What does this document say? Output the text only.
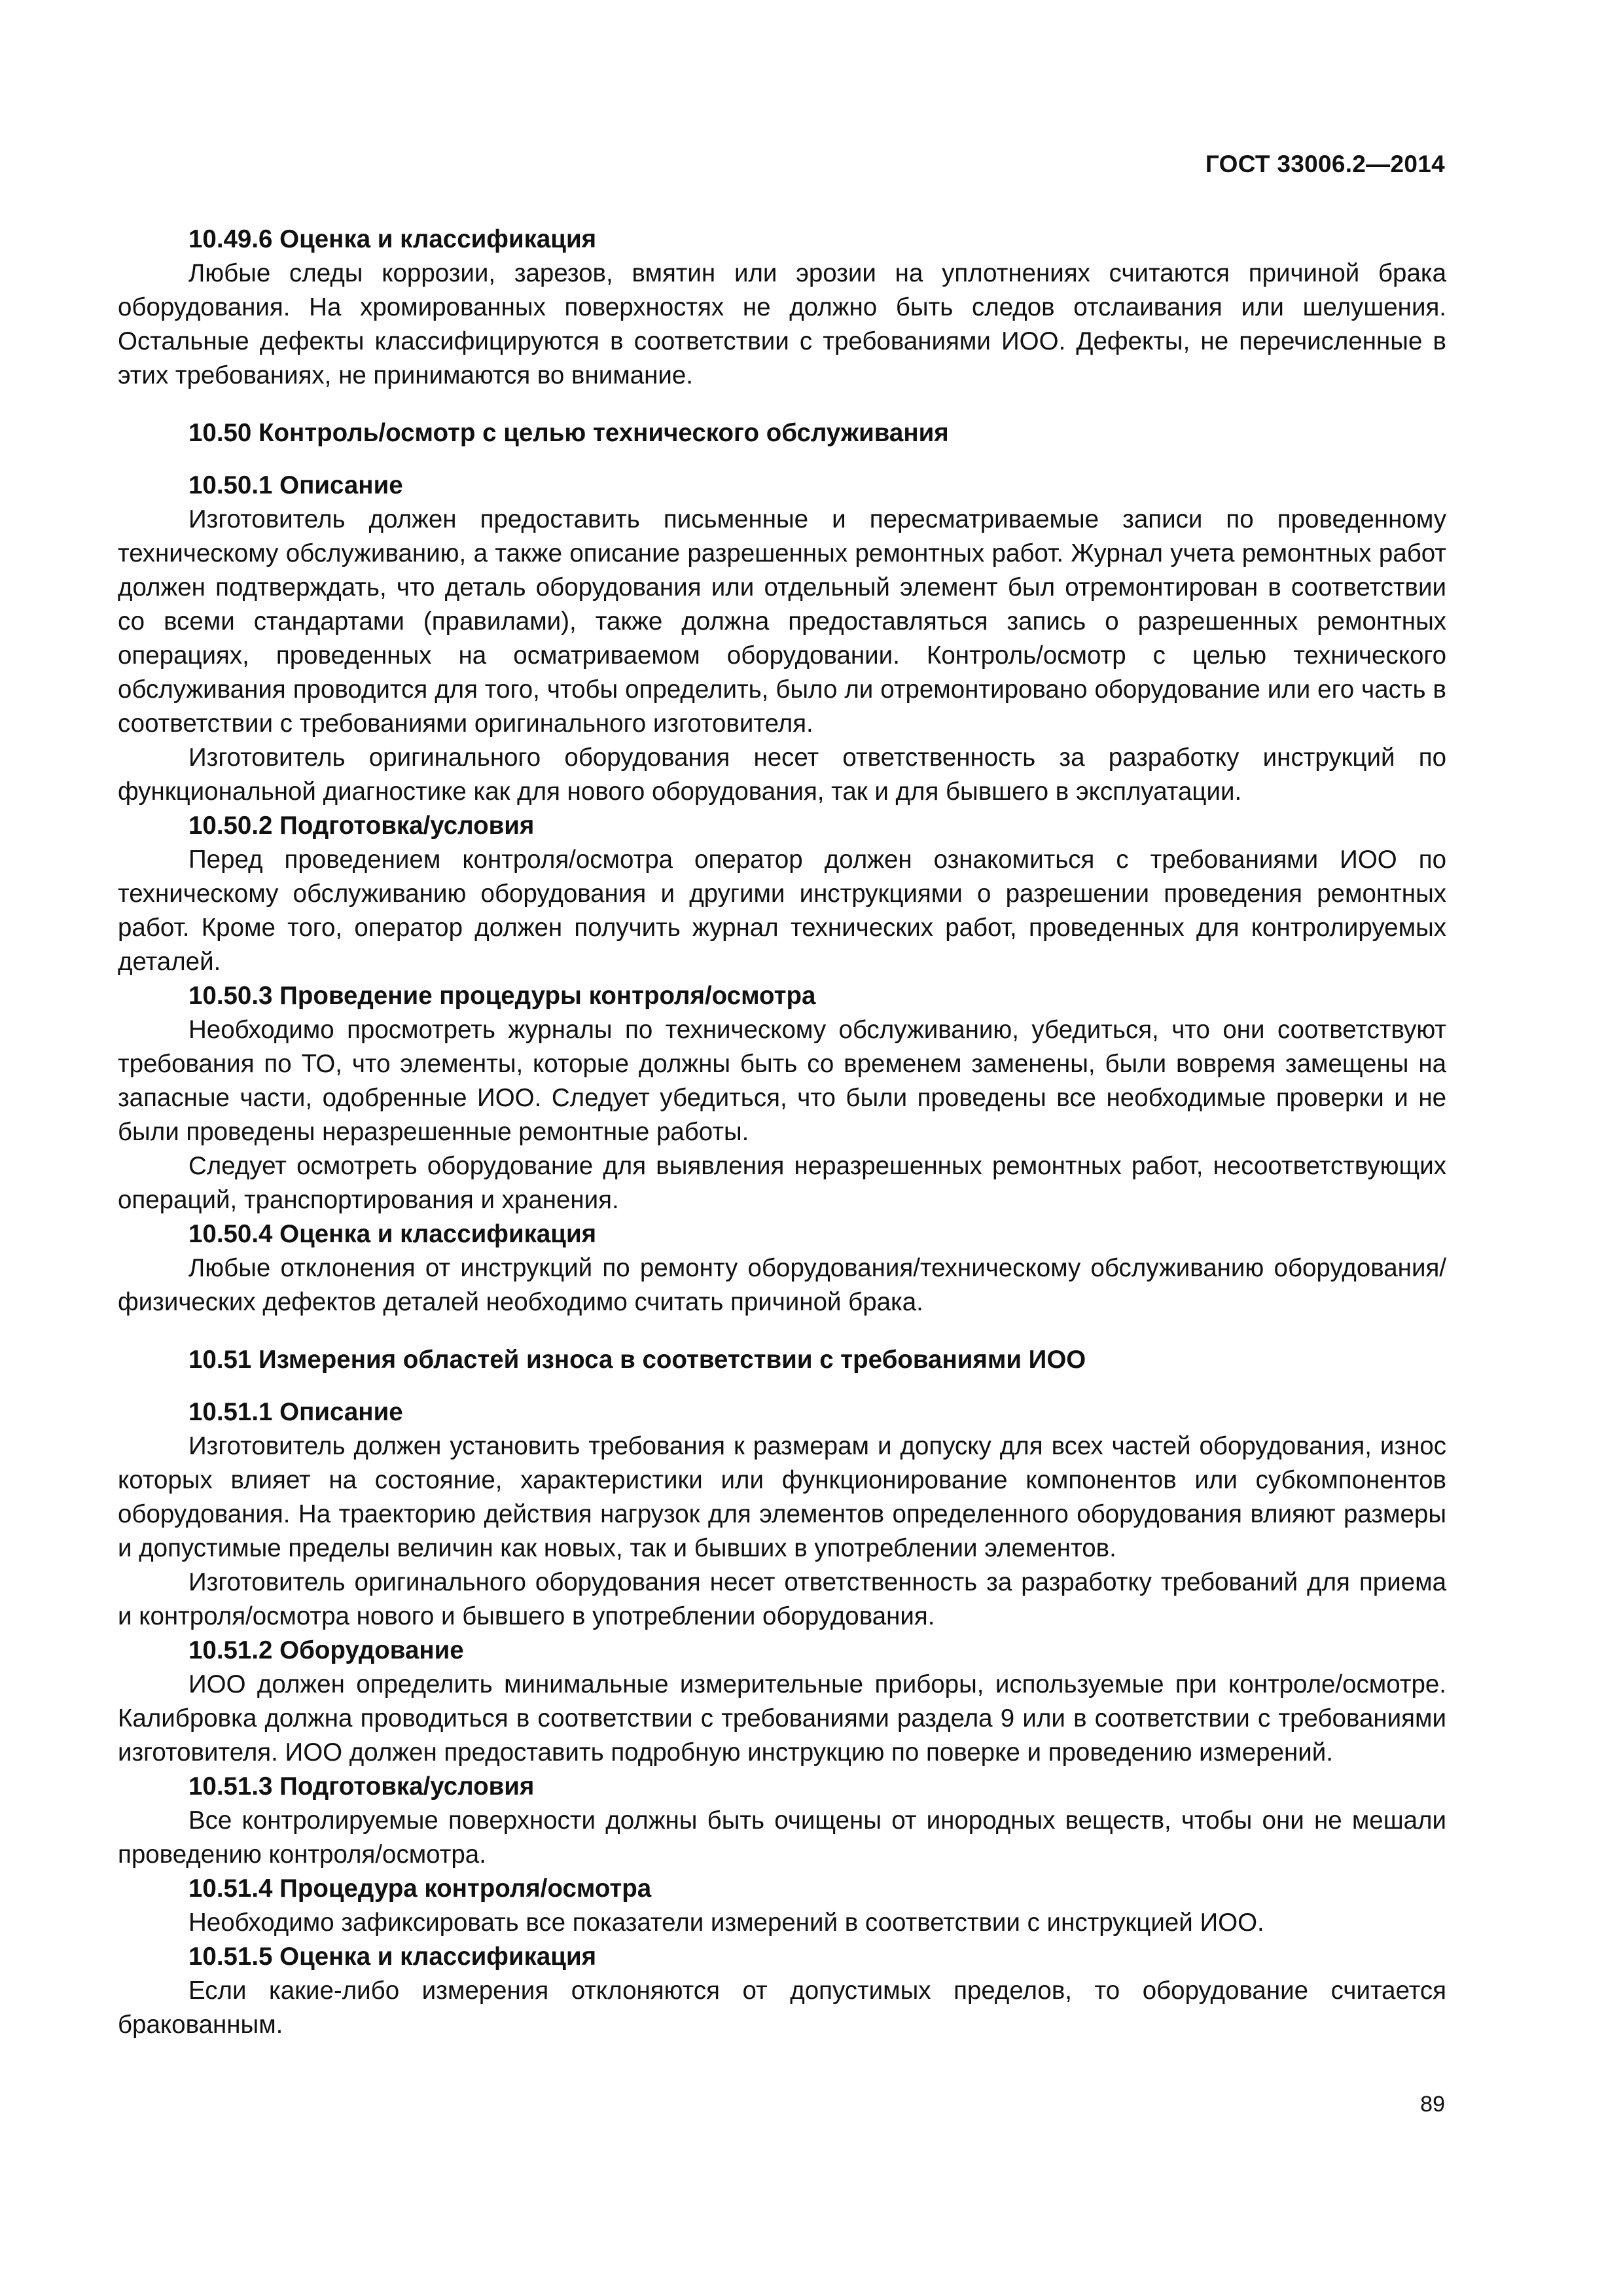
ГОСТ 33006.2—2014
10.49.6 Оценка и классификация

Любые следы коррозии, зарезов, вмятин или эрозии на уплотнениях считаются причиной брака оборудования. На хромированных поверхностях не должно быть следов отслаивания или шелушения. Остальные дефекты классифицируются в соответствии с требованиями ИОО. Дефекты, не перечисленные в этих требованиях, не принимаются во внимание.

10.50 Контроль/осмотр с целью технического обслуживания
10.50.1 Описание

Изготовитель должен предоставить письменные и пересматриваемые записи по проведенному техническому обслуживанию, а также описание разрешенных ремонтных работ. Журнал учета ремонтных работ должен подтверждать, что деталь оборудования или отдельный элемент был отремонтирован в соответствии со всеми стандартами (правилами), также должна предоставляться запись о разрешенных ремонтных операциях, проведенных на осматриваемом оборудовании. Контроль/осмотр с целью технического обслуживания проводится для того, чтобы определить, было ли отремонтировано оборудование или его часть в соответствии с требованиями оригинального изготовителя.

Изготовитель оригинального оборудования несет ответственность за разработку инструкций по функциональной диагностике как для нового оборудования, так и для бывшего в эксплуатации.

10.50.2 Подготовка/условия

Перед проведением контроля/осмотра оператор должен ознакомиться с требованиями ИОО по техническому обслуживанию оборудования и другими инструкциями о разрешении проведения ремонтных работ. Кроме того, оператор должен получить журнал технических работ, проведенных для контролируемых деталей.

10.50.3 Проведение процедуры контроля/осмотра

Необходимо просмотреть журналы по техническому обслуживанию, убедиться, что они соответствуют требования по ТО, что элементы, которые должны быть со временем заменены, были вовремя замещены на запасные части, одобренные ИОО. Следует убедиться, что были проведены все необходимые проверки и не были проведены неразрешенные ремонтные работы.

Следует осмотреть оборудование для выявления неразрешенных ремонтных работ, несоответствующих операций, транспортирования и хранения.

10.50.4 Оценка и классификация

Любые отклонения от инструкций по ремонту оборудования/техническому обслуживанию оборудования/физических дефектов деталей необходимо считать причиной брака.

10.51 Измерения областей износа в соответствии с требованиями ИОО
10.51.1 Описание

Изготовитель должен установить требования к размерам и допуску для всех частей оборудования, износ которых влияет на состояние, характеристики или функционирование компонентов или субкомпонентов оборудования. На траекторию действия нагрузок для элементов определенного оборудования влияют размеры и допустимые пределы величин как новых, так и бывших в употреблении элементов.

Изготовитель оригинального оборудования несет ответственность за разработку требований для приема и контроля/осмотра нового и бывшего в употреблении оборудования.

10.51.2 Оборудование

ИОО должен определить минимальные измерительные приборы, используемые при контроле/осмотре. Калибровка должна проводиться в соответствии с требованиями раздела 9 или в соответствии с требованиями изготовителя. ИОО должен предоставить подробную инструкцию по поверке и проведению измерений.

10.51.3 Подготовка/условия

Все контролируемые поверхности должны быть очищены от инородных веществ, чтобы они не мешали проведению контроля/осмотра.

10.51.4 Процедура контроля/осмотра

Необходимо зафиксировать все показатели измерений в соответствии с инструкцией ИОО.

10.51.5 Оценка и классификация

Если какие-либо измерения отклоняются от допустимых пределов, то оборудование считается бракованным.

89
